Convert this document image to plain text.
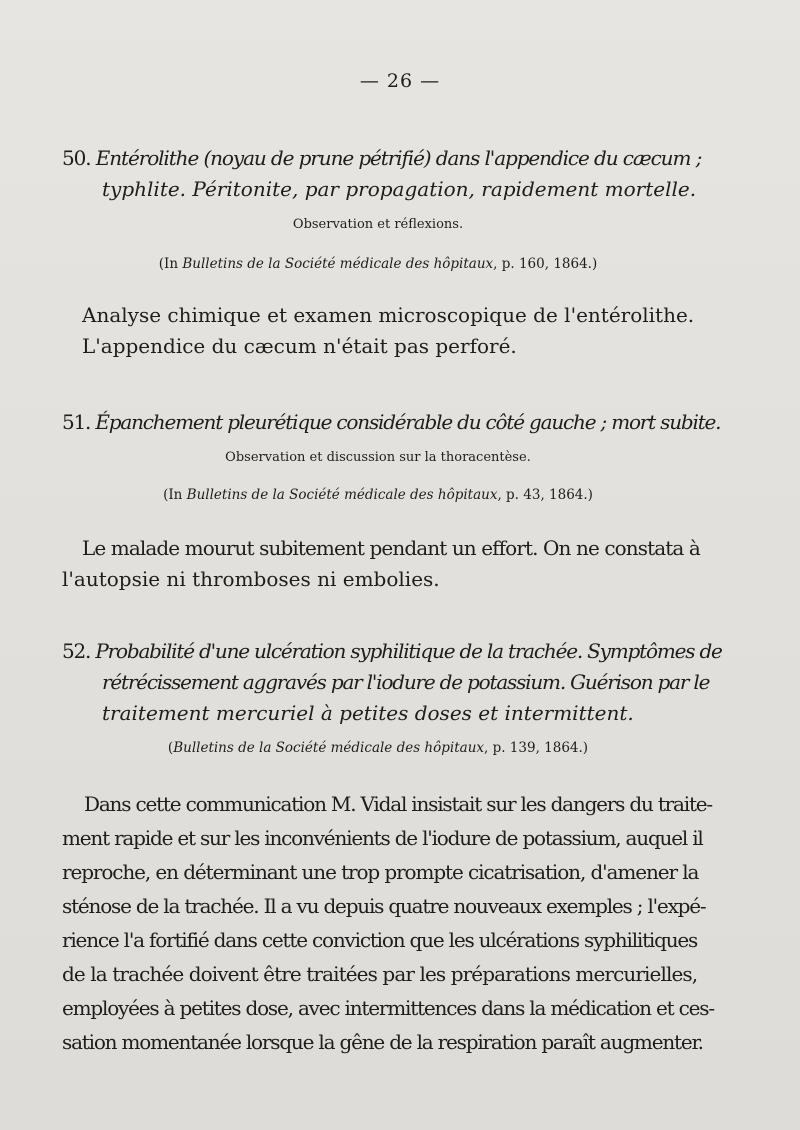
— 26 —
50. Entérolithe (noyau de prune pétrifié) dans l'appendice du cæcum ;
typhlite. Péritonite, par propagation, rapidement mortelle.
Observation et réflexions.
(In Bulletins de la Société médicale des hôpitaux, p. 160, 1864.)
Analyse chimique et examen microscopique de l'entérolithe.
L'appendice du cæcum n'était pas perforé.
51. Épanchement pleurétique considérable du côté gauche ; mort subite.
Observation et discussion sur la thoracentèse.
(In Bulletins de la Société médicale des hôpitaux, p. 43, 1864.)
Le malade mourut subitement pendant un effort. On ne constata à
l'autopsie ni thromboses ni embolies.
52. Probabilité d'une ulcération syphilitique de la trachée. Symptômes de
rétrécissement aggravés par l'iodure de potassium. Guérison par le
traitement mercuriel à petites doses et intermittent.
(Bulletins de la Société médicale des hôpitaux, p. 139, 1864.)
Dans cette communication M. Vidal insistait sur les dangers du traite-
ment rapide et sur les inconvénients de l'iodure de potassium, auquel il
reproche, en déterminant une trop prompte cicatrisation, d'amener la
sténose de la trachée. Il a vu depuis quatre nouveaux exemples ; l'expé-
rience l'a fortifié dans cette conviction que les ulcérations syphilitiques
de la trachée doivent être traitées par les préparations mercurielles,
employées à petites dose, avec intermittences dans la médication et ces-
sation momentanée lorsque la gêne de la respiration paraît augmenter.
